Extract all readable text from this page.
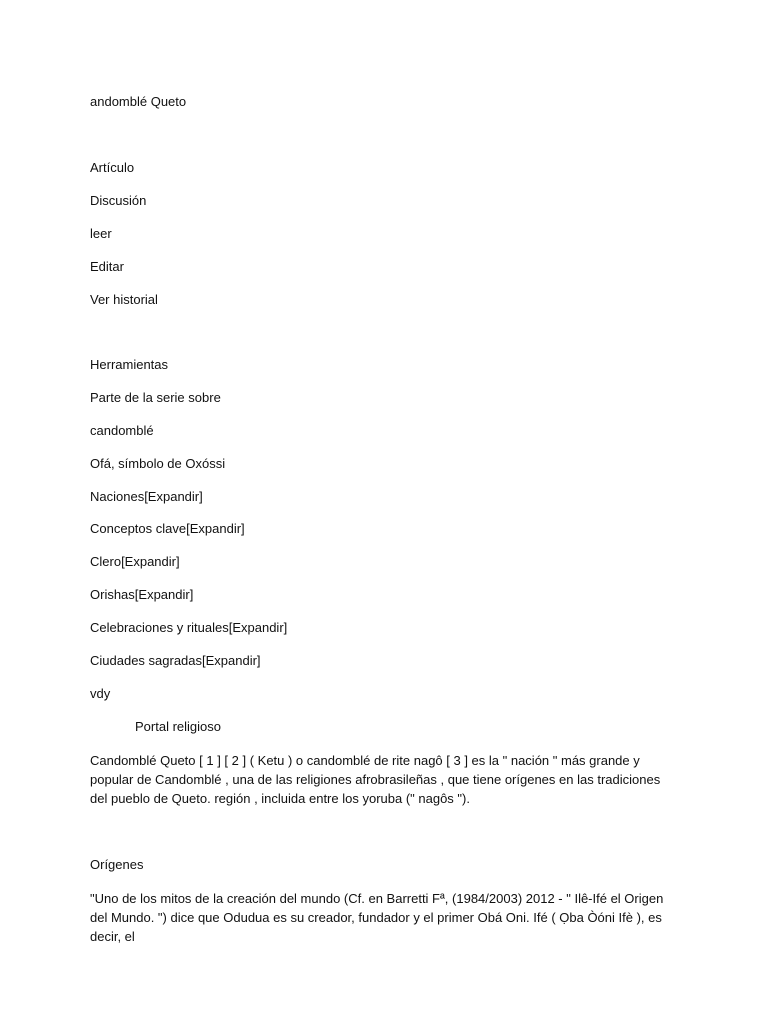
andomblé Queto
Artículo
Discusión
leer
Editar
Ver historial
Herramientas
Parte de la serie sobre
candomblé
Ofá, símbolo de Oxóssi
Naciones[Expandir]
Conceptos clave[Expandir]
Clero[Expandir]
Orishas[Expandir]
Celebraciones y rituales[Expandir]
Ciudades sagradas[Expandir]
vdy
Portal religioso
Candomblé Queto [ 1 ] [ 2 ] ( Ketu ) o candomblé de rite nagô [ 3 ] es la " nación " más grande y popular de Candomblé , una de las religiones afrobrasileñas , que tiene orígenes en las tradiciones del pueblo de Queto. región , incluida entre los yoruba (" nagôs ").
Orígenes
"Uno de los mitos de la creación del mundo (Cf. en Barretti Fª, (1984/2003) 2012 - " Ilê-Ifé el Origen del Mundo. ") dice que Odudua es su creador, fundador y el primer Obá Oni. Ifé ( Ọba Òóni Ifè ), es decir, el
